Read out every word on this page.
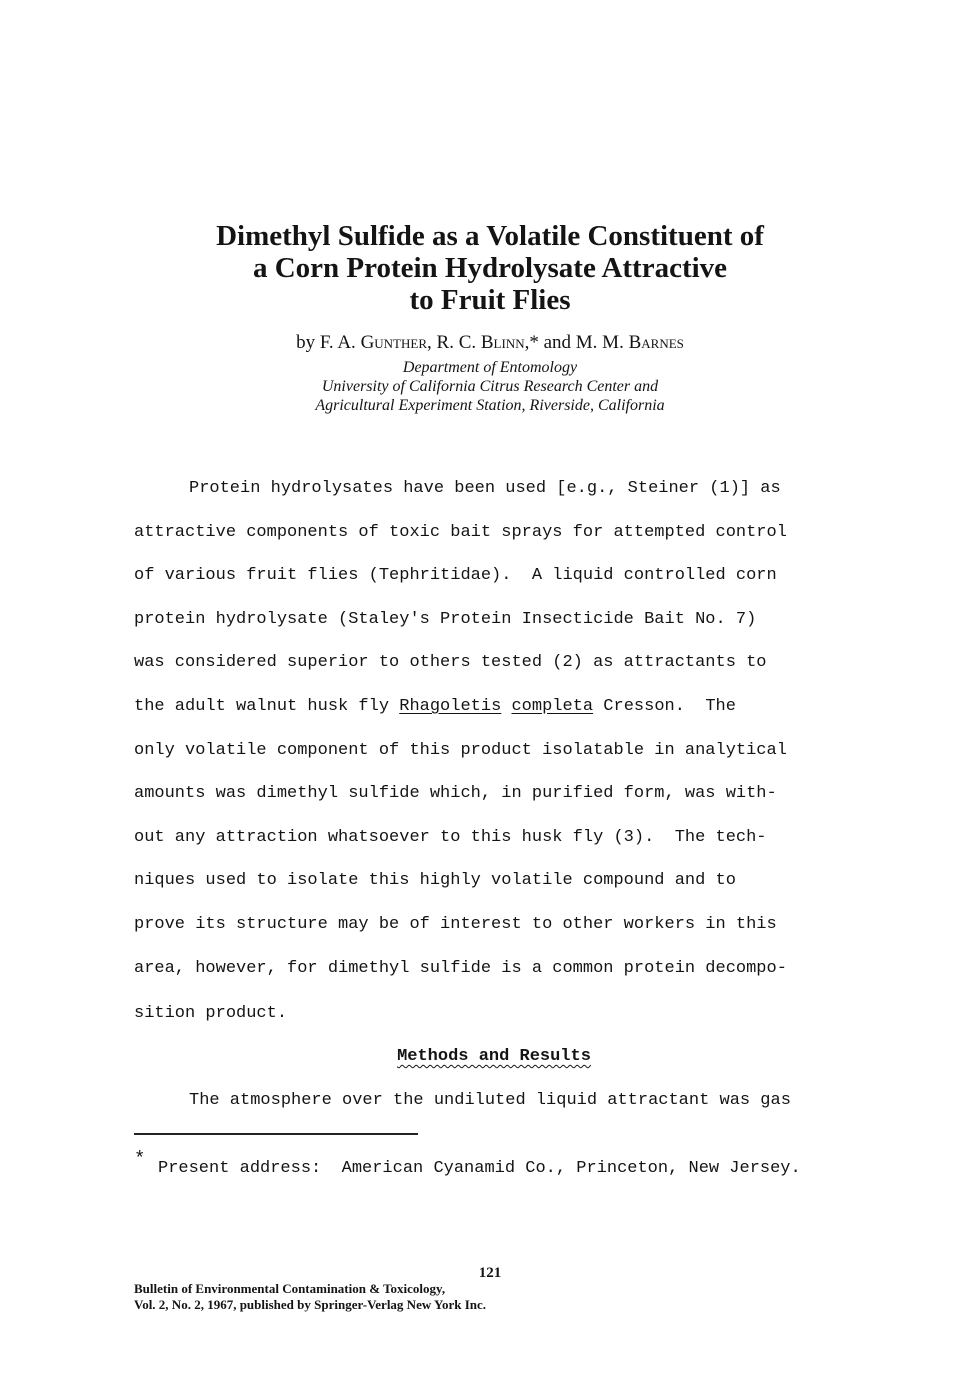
Dimethyl Sulfide as a Volatile Constituent of
a Corn Protein Hydrolysate Attractive
to Fruit Flies
by F. A. Gunther, R. C. Blinn,* and M. M. Barnes
Department of Entomology
University of California Citrus Research Center and
Agricultural Experiment Station, Riverside, California

Protein hydrolysates have been used [e.g., Steiner (1)] as

attractive components of toxic bait sprays for attempted control

of various fruit flies (Tephritidae).  A liquid controlled corn

protein hydrolysate (Staley's Protein Insecticide Bait No. 7)

was considered superior to others tested (2) as attractants to

the adult walnut husk fly Rhagoletis completa Cresson.  The

only volatile component of this product isolatable in analytical

amounts was dimethyl sulfide which, in purified form, was with-

out any attraction whatsoever to this husk fly (3).  The tech-

niques used to isolate this highly volatile compound and to

prove its structure may be of interest to other workers in this

area, however, for dimethyl sulfide is a common protein decompo-

sition product.

Methods and Results

The atmosphere over the undiluted liquid attractant was gas

*

Present address:  American Cyanamid Co., Princeton, New Jersey.

121
Bulletin of Environmental Contamination & Toxicology,
Vol. 2, No. 2, 1967, published by Springer-Verlag New York Inc.
